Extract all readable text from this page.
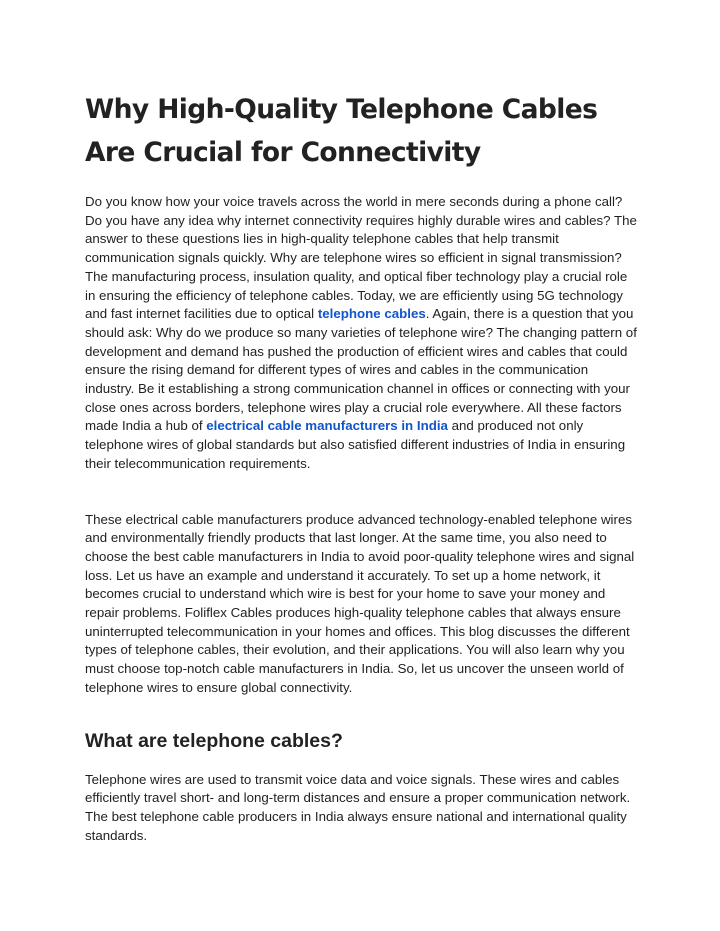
Why High-Quality Telephone Cables
Are Crucial for Connectivity

Do you know how your voice travels across the world in mere seconds during a phone call? Do you have any idea why internet connectivity requires highly durable wires and cables? The answer to these questions lies in high-quality telephone cables that help transmit communication signals quickly. Why are telephone wires so efficient in signal transmission? The manufacturing process, insulation quality, and optical fiber technology play a crucial role in ensuring the efficiency of telephone cables. Today, we are efficiently using 5G technology and fast internet facilities due to optical telephone cables. Again, there is a question that you should ask: Why do we produce so many varieties of telephone wire? The changing pattern of development and demand has pushed the production of efficient wires and cables that could ensure the rising demand for different types of wires and cables in the communication industry. Be it establishing a strong communication channel in offices or connecting with your close ones across borders, telephone wires play a crucial role everywhere. All these factors made India a hub of electrical cable manufacturers in India and produced not only telephone wires of global standards but also satisfied different industries of India in ensuring their telecommunication requirements.

These electrical cable manufacturers produce advanced technology-enabled telephone wires and environmentally friendly products that last longer. At the same time, you also need to choose the best cable manufacturers in India to avoid poor-quality telephone wires and signal loss. Let us have an example and understand it accurately. To set up a home network, it becomes crucial to understand which wire is best for your home to save your money and repair problems. Foliflex Cables produces high-quality telephone cables that always ensure uninterrupted telecommunication in your homes and offices. This blog discusses the different types of telephone cables, their evolution, and their applications. You will also learn why you must choose top-notch cable manufacturers in India. So, let us uncover the unseen world of telephone wires to ensure global connectivity.

What are telephone cables?

Telephone wires are used to transmit voice data and voice signals. These wires and cables efficiently travel short- and long-term distances and ensure a proper communication network. The best telephone cable producers in India always ensure national and international quality standards.
